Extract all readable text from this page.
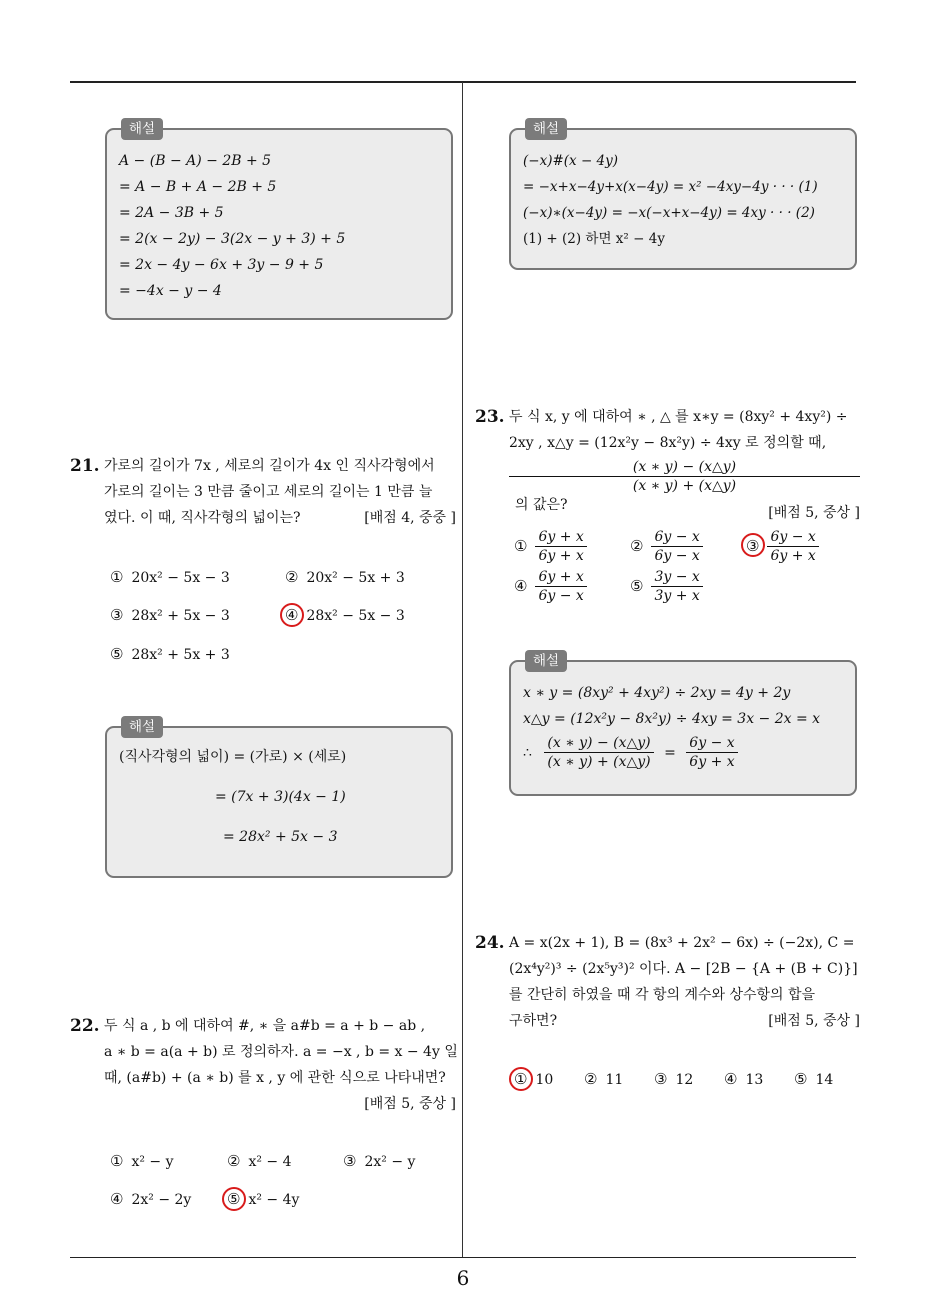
해설
A − (B − A) − 2B + 5
= A − B + A − 2B + 5
= 2A − 3B + 5
= 2(x − 2y) − 3(2x − y + 3) + 5
= 2x − 4y − 6x + 3y − 9 + 5
= −4x − y − 4
21. 가로의 길이가 7x , 세로의 길이가 4x 인 직사각형에서
가로의 길이는 3 만큼 줄이고 세로의 길이는 1 만큼 늘
였다. 이 때, 직사각형의 넓이는?	[배점 4, 중중 ]
① 20x² − 5x − 3	② 20x² − 5x + 3
③ 28x² + 5x − 3	④ 28x² − 5x − 3
⑤ 28x² + 5x + 3
해설
(직사각형의 넓이) = (가로) × (세로)
= (7x + 3)(4x − 1)
= 28x² + 5x − 3
22. 두 식 a , b 에 대하여 #, ∗ 을 a#b = a + b − ab ,
a ∗ b = a(a + b) 로 정의하자. a = −x , b = x − 4y 일
때, (a#b) + (a ∗ b) 를 x , y 에 관한 식으로 나타내면?
[배점 5, 중상 ]
① x² − y	② x² − 4	③ 2x² − y
④ 2x² − 2y ⑤ x² − 4y
해설
(−x)#(x − 4y)
= −x+x−4y+x(x−4y) = x² −4xy−4y · · · (1)
(−x)∗(x−4y) = −x(−x+x−4y) = 4xy · · · (2)
(1) + (2) 하면 x² − 4y
23. 두 식 x, y 에 대하여 ∗ , △ 를 x∗y = (8xy² + 4xy²) ÷
2xy , x△y = (12x²y − 8x²y) ÷ 4xy 로 정의할 때,
(x ∗ y) − (x△y)
(x ∗ y) + (x△y)
의 값은?	[배점 5, 중상 ]
① $\frac{6y + x}{6y + x}$	② $\frac{6y - x}{6y - x}$	③ $\frac{6y - x}{6y + x}$
④ $\frac{6y + x}{6y - x}$	⑤ $\frac{3y - x}{3y + x}$
해설
x ∗ y = (8xy² + 4xy²) ÷ 2xy = 4y + 2y
x△y = (12x²y − 8x²y) ÷ 4xy = 3x − 2x = x
∴ $\frac{(x ∗ y) - (x\triangle y)}{(x ∗ y) + (x\triangle y)} = \frac{6y - x}{6y + x}$
24. A = x(2x + 1), B = (8x³ + 2x² − 6x) ÷ (−2x), C =
(2x⁴y²)³ ÷ (2x⁵y³)² 이다. A − [2B − {A + (B + C)}]
를 간단히 하였을 때 각 항의 계수와 상수항의 합을
구하면?	[배점 5, 중상 ]
① 10 ② 11 ③ 12 ④ 13 ⑤ 14
6
